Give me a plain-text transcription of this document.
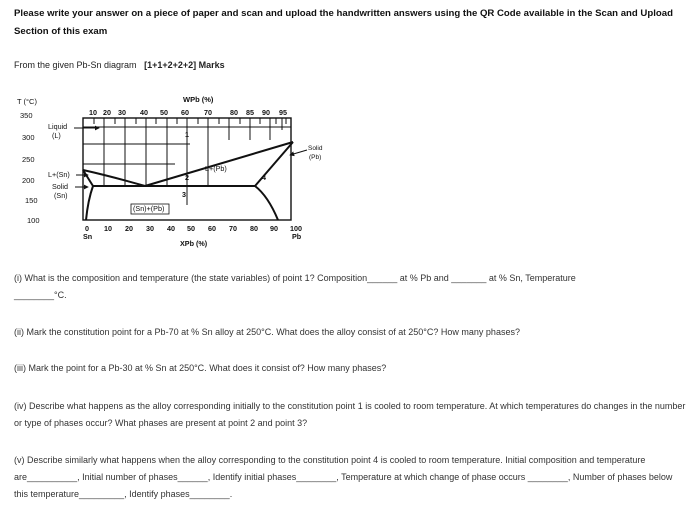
Please write your answer on a piece of paper and scan and upload the handwritten answers using the QR Code available in the Scan and Upload Section of this exam
From the given Pb-Sn diagram [1+1+2+2+2] Marks
T (°C)
350
300
250
200
150
100
WPb (%)
10 20 30 40 50 60 70	80 85 90 95
1
2
3
4
Liquid
(L)
L+(Sn)
Solid
(Sn)
L+(Pb)
(Sn)+(Pb)
Solid
(Pb)
0 10 20 30 40 50 60 70 80 90 100
Sn	Pb
XPb (%)
(i) What is the composition and temperature (the state variables) of point 1? Composition______ at % Pb and _______ at % Sn, Temperature
________°C.
(ii) Mark the constitution point for a Pb-70 at % Sn alloy at 250°C. What does the alloy consist of at 250°C? How many phases?
(iii) Mark the point for a Pb-30 at % Sn at 250°C. What does it consist of? How many phases?
(iv) Describe what happens as the alloy corresponding initially to the constitution point 1 is cooled to room temperature. At which temperatures do changes in the number or type of phases occur? What phases are present at point 2 and point 3?
(v) Describe similarly what happens when the alloy corresponding to the constitution point 4 is cooled to room temperature. Initial composition and temperature are__________, Initial number of phases______, Identify initial phases________, Temperature at which change of phase occurs ________, Number of phases below this temperature_________, Identify phases________.
